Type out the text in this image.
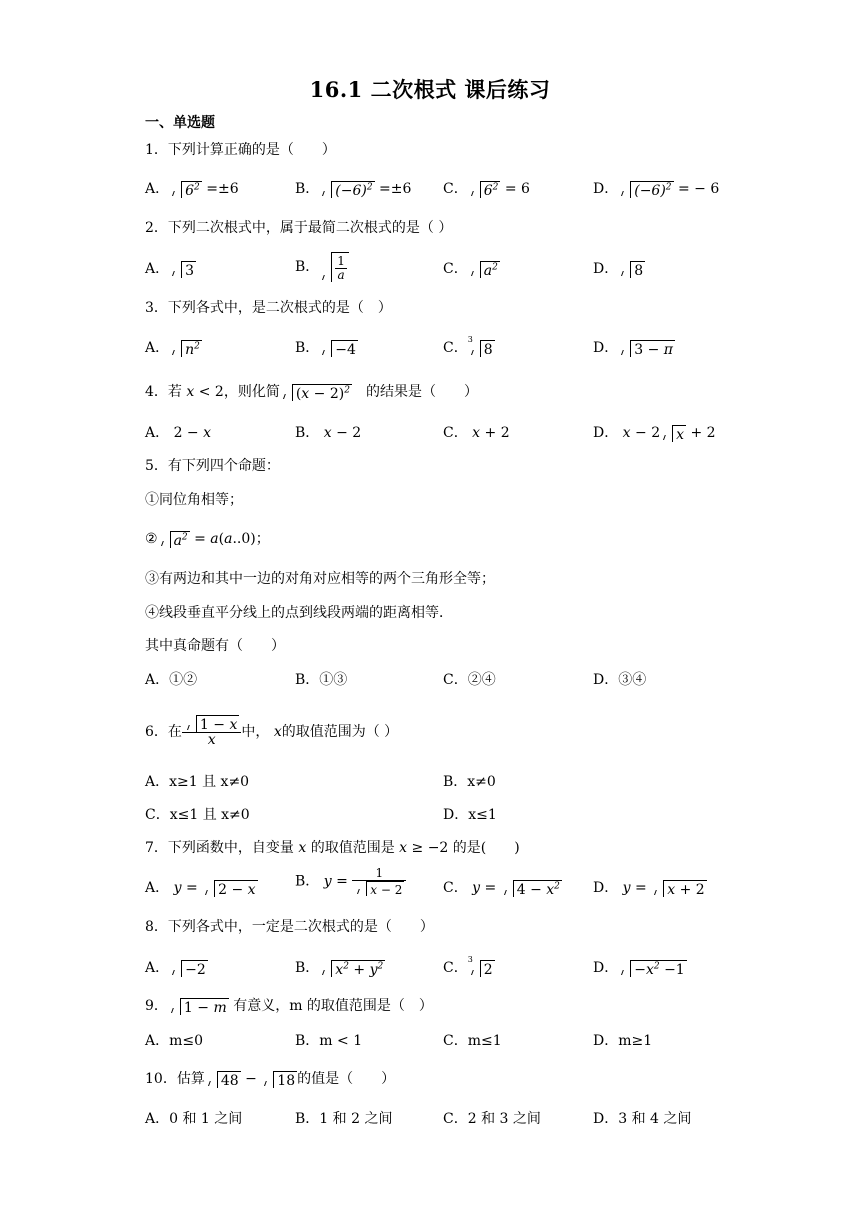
16.1 二次根式 课后练习
一、单选题
1．下列计算正确的是（　　）
A． $6^2 =\pm 6$	B． $(-6)^2 =\pm 6$ C． $6^2 = 6$	D． $(-6)^2$ = − 6
2．下列二次根式中，属于最简二次根式的是（ ）
A． 3	B． $\frac{1}{a}$	C． $a^2$	D． 8
3．下列各式中，是二次根式的是（　）
A． $n^2$	B． −4	C．
3
8	D． 3 − π
4．若 x < 2，则化简 $(x - 2)^2$　 的结果是（　　）
A． 2 − x	B． x − 2	C． x + 2	D． x − 2 x + 2
5．有下列四个命题：
①同位角相等；
② $a^2 = a(a..0)$；
③有两边和其中一边的对角对应相等的两个三角形全等；
④线段垂直平分线上的点到线段两端的距离相等．
其中真命题有（　　）
A．①②	B．①③	C．②④	D．③④
6．在 $\frac{1 - x}{x}$ 中， x的取值范围为（ ）
A．x≥1 且 x≠0	B．x≠0
C．x≤1 且 x≠0	D．x≤1
7．下列函数中，自变量 x 的取值范围是 x ≥ −2 的是(　　)
A． y = 2 − x	B． $y = \frac{1}{x - 2}$	C． $y = 4 - x^2$ D． y = x + 2
8．下列各式中，一定是二次根式的是（　　）
A． −2	B． $x^2 + y^2$	C．
3
2	D． $-x^2 -1$
9． 1 − m 有意义，m 的取值范围是（　）
A．m≤0	B．m < 1	C．m≤1	D．m≥1
10．估算 48 − 18 的值是（　　）
A．0 和 1 之间	B．1 和 2 之间	C．2 和 3 之间	D．3 和 4 之间
